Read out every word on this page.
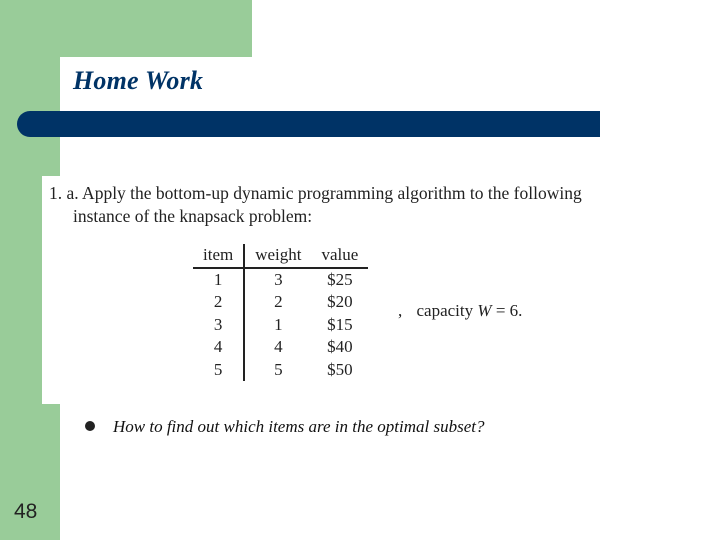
Home Work
1. a. Apply the bottom-up dynamic programming algorithm to the following
instance of the knapsack problem:
item	weight	value
1	3	$25
2	2	$20
3	1	$15
4	4	$40
5	5	$50
, capacity W = 6.
How to find out which items are in the optimal subset?
48
